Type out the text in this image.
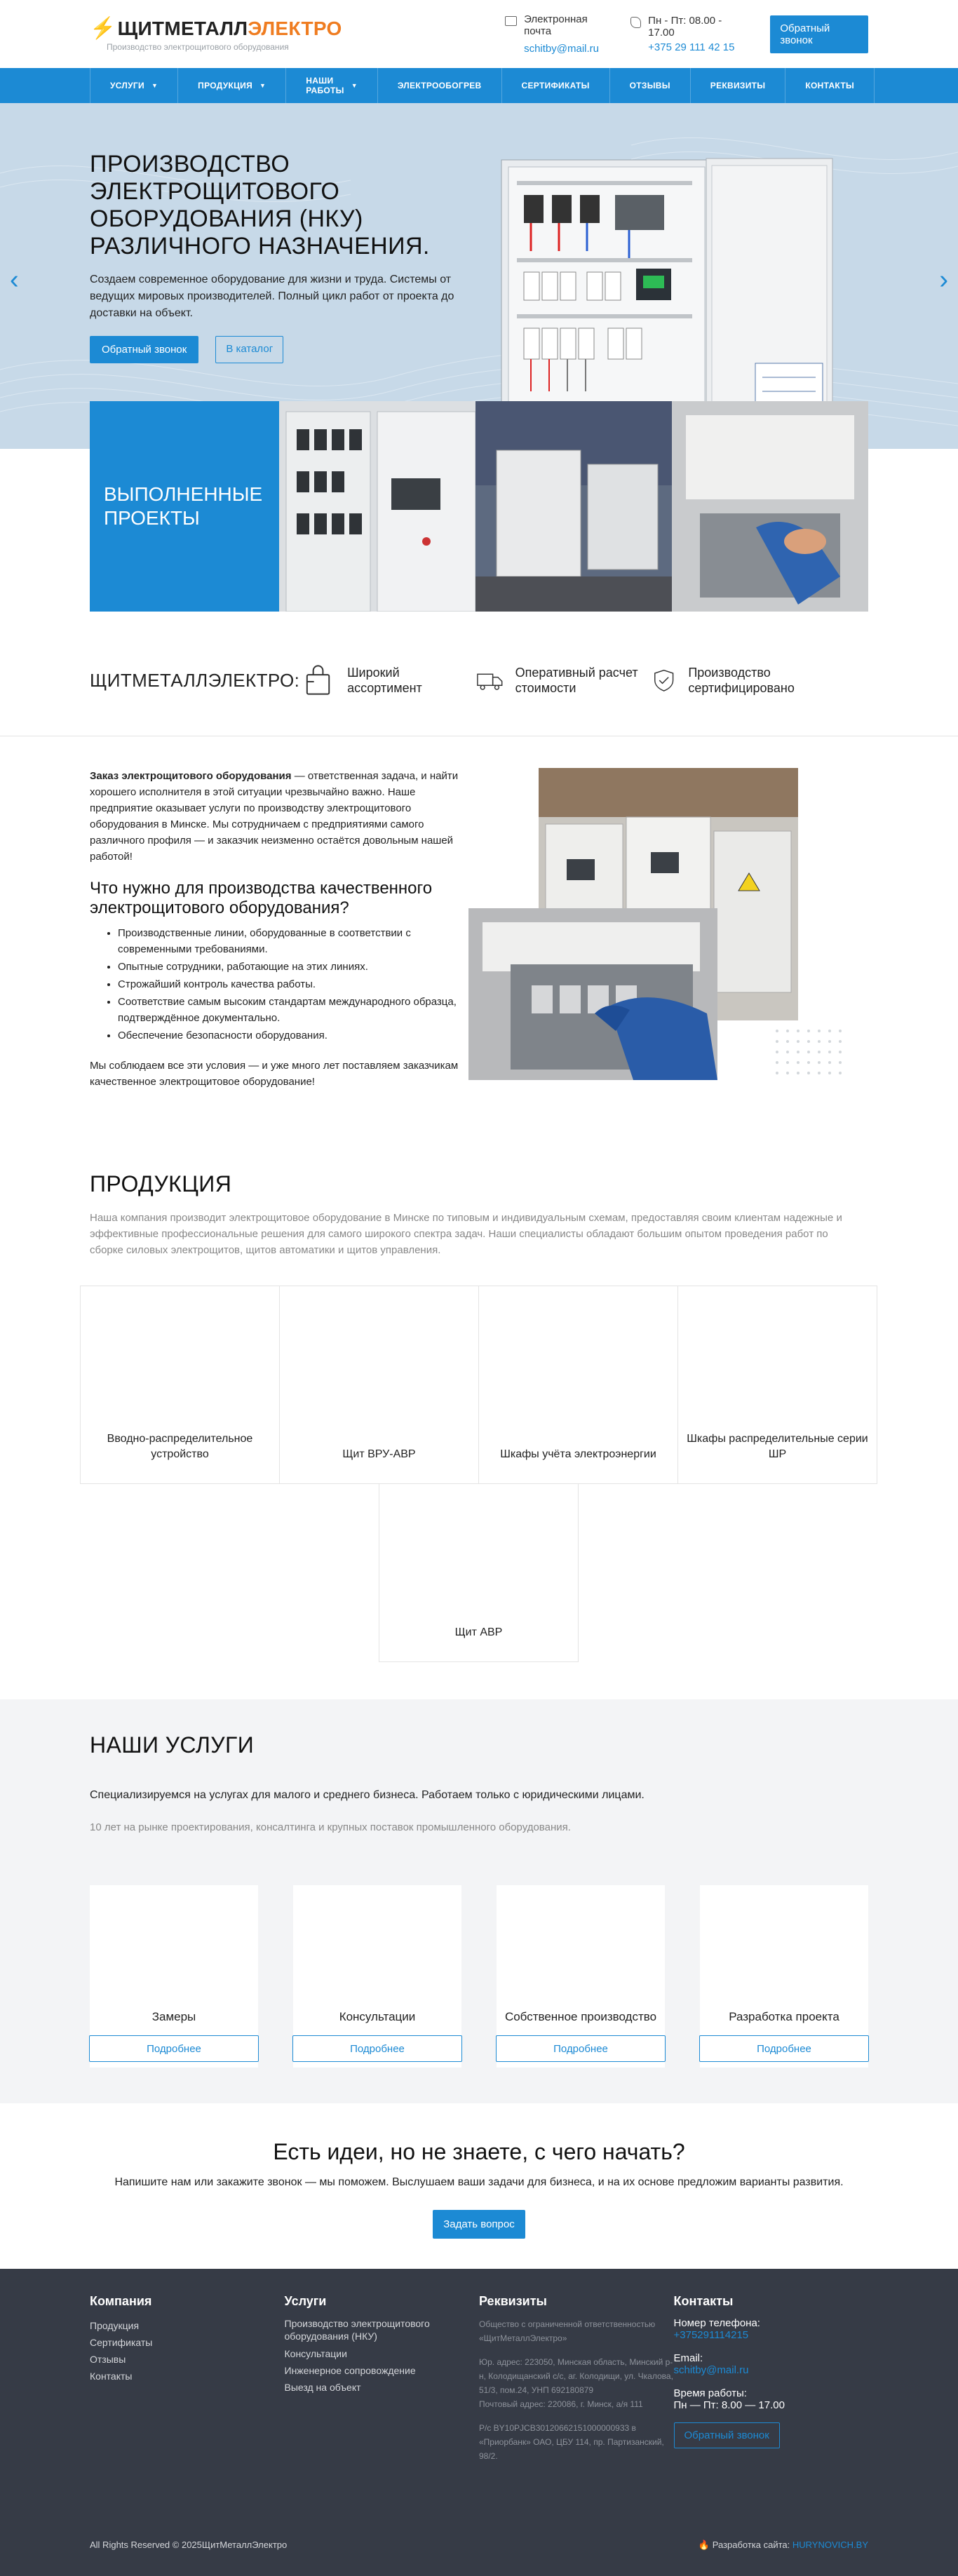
⚡ ЩИТМЕТАЛЛ ЭЛЕКТРО
Производство электрощитового оборудования
Электронная почта
schitby@mail.ru
Пн - Пт: 08.00 - 17.00
+375 29 111 42 15
Обратный звонок
УСЛУГИ ▼	ПРОДУКЦИЯ ▼	НАШИ РАБОТЫ ▼	ЭЛЕКТРООБОГРЕВ	СЕРТИФИКАТЫ	ОТЗЫВЫ	РЕКВИЗИТЫ	КОНТАКТЫ
‹	›
ПРОИЗВОДСТВО ЭЛЕКТРОЩИТОВОГО ОБОРУДОВАНИЯ (НКУ) РАЗЛИЧНОГО НАЗНАЧЕНИЯ.

Создаем современное оборудование для жизни и труда. Системы от ведущих мировых производителей. Полный цикл работ от проекта до доставки на объект.

Обратный звонок	В каталог
ВЫПОЛНЕННЫЕ ПРОЕКТЫ
ЩИТМЕТАЛЛЭЛЕКТРО:	Широкий ассортимент
Оперативный расчет стоимости
Производство сертифицировано

Заказ электрощитового оборудования — ответственная задача, и найти хорошего исполнителя в этой ситуации чрезвычайно важно. Наше предприятие оказывает услуги по производству электрощитового оборудования в Минске. Мы сотрудничаем с предприятиями самого различного профиля — и заказчик неизменно остаётся довольным нашей работой!

Что нужно для производства качественного электрощитового оборудования?
• Производственные линии, оборудованные в соответствии с современными требованиями.
• Опытные сотрудники, работающие на этих линиях.
• Строжайший контроль качества работы.
• Соответствие самым высоким стандартам международного образца, подтверждённое документально.
• Обеспечение безопасности оборудования.

Мы соблюдаем все эти условия — и уже много лет поставляем заказчикам качественное электрощитовое оборудование!

ПРОДУКЦИЯ

Наша компания производит электрощитовое оборудование в Минске по типовым и индивидуальным схемам, предоставляя своим клиентам надежные и эффективные профессиональные решения для самого широкого спектра задач. Наши специалисты обладают большим опытом проведения работ по сборке силовых электрощитов, щитов автоматики и щитов управления.

Вводно-распределительное устройство	Щит ВРУ-АВР	Шкафы учёта электроэнергии
Шкафы распределительные серии ШР
Щит АВР
НАШИ УСЛУГИ

Специализируемся на услугах для малого и среднего бизнеса. Работаем только с юридическими лицами.

10 лет на рынке проектирования, консалтинга и крупных поставок промышленного оборудования.

Замеры
Подробнее
Консультации
Подробнее
Собственное производство
Подробнее
Разработка проекта
Подробнее
Есть идеи, но не знаете, с чего начать?

Напишите нам или закажите звонок — мы поможем. Выслушаем ваши задачи для бизнеса, и на их основе предложим варианты развития.

Задать вопрос
Компания
Продукция
Сертификаты
Отзывы
Контакты
Услуги
Производство электрощитового оборудования (НКУ)
Консультации
Инженерное сопровождение
Выезд на объект
Реквизиты
Общество с ограниченной ответственностью «ЩитМеталлЭлектро»
Юр. адрес: 223050, Минская область, Минский р-н, Колодищанский с/с, аг. Колодищи, ул. Чкалова, 51/3, пом.24, УНП 692180879
Почтовый адрес: 220086, г. Минск, а/я 111
Р/с BY10PJCB30120662151000000933 в «Приорбанк» ОАО, ЦБУ 114, пр. Партизанский, 98/2.
Контакты
Номер телефона:
+375291114215
Email:
schitby@mail.ru
Время работы:
Пн — Пт: 8.00 — 17.00
Обратный звонок
All Rights Reserved © 2025ЩитМеталлЭлектро	🔥 Разработка сайта: HURYNOVICH.BY
